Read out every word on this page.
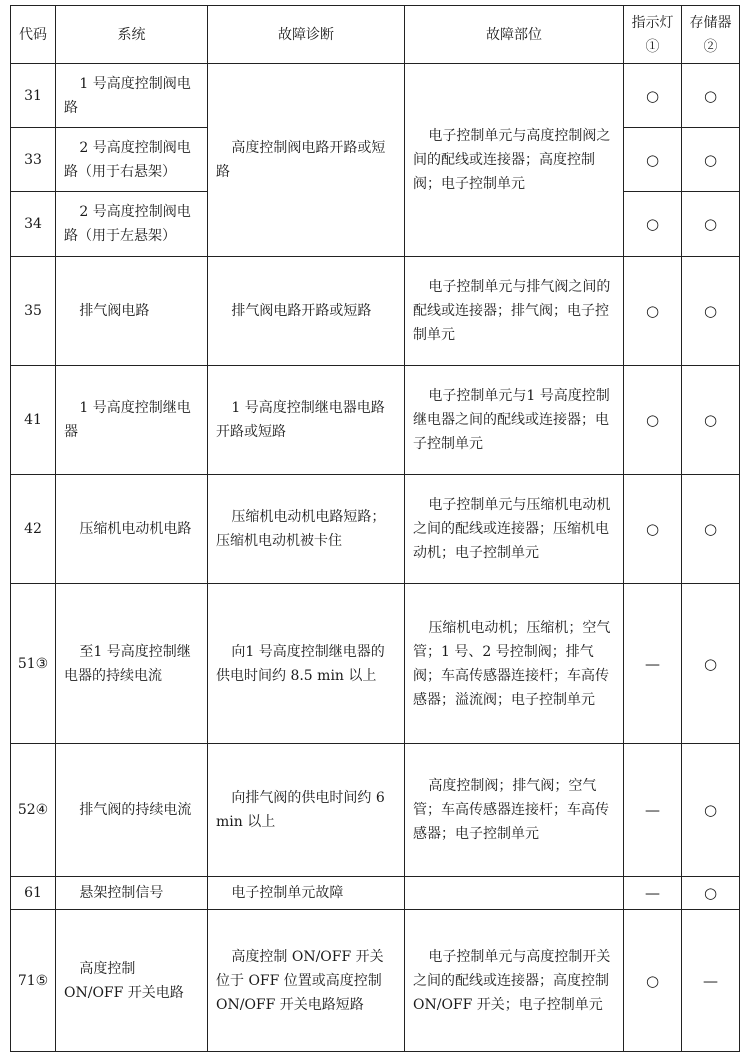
代码	系统	故障诊断	故障部位	指示灯①	存储器②
31	1 号高度控制阀电路	高度控制阀电路开路或短路	电子控制单元与高度控制阀之间的配线或连接器；高度控制阀；电子控制单元	○	○
33	2 号高度控制阀电路（用于右悬架）			○	○
34	2 号高度控制阀电路（用于左悬架）			○	○
35	排气阀电路	排气阀电路开路或短路	电子控制单元与排气阀之间的配线或连接器；排气阀；电子控制单元	○	○
41	1 号高度控制继电器	1 号高度控制继电器电路开路或短路	电子控制单元与1 号高度控制继电器之间的配线或连接器；电子控制单元	○	○
42	压缩机电动机电路	压缩机电动机电路短路；压缩机电动机被卡住	电子控制单元与压缩机电动机之间的配线或连接器；压缩机电动机；电子控制单元	○	○
51③	至1 号高度控制继电器的持续电流	向1 号高度控制继电器的供电时间约 8.5 min 以上	压缩机电动机；压缩机；空气管；1 号、2 号控制阀；排气阀；车高传感器连接杆；车高传感器；溢流阀；电子控制单元	—	○
52④	排气阀的持续电流	向排气阀的供电时间约 6 min 以上	高度控制阀；排气阀；空气管；车高传感器连接杆；车高传感器；电子控制单元	—	○
61	悬架控制信号	电子控制单元故障		—	○
71⑤	高度控制 ON/OFF 开关电路	高度控制 ON/OFF 开关位于 OFF 位置或高度控制 ON/OFF 开关电路短路	电子控制单元与高度控制开关之间的配线或连接器；高度控制 ON/OFF 开关；电子控制单元	○	—
